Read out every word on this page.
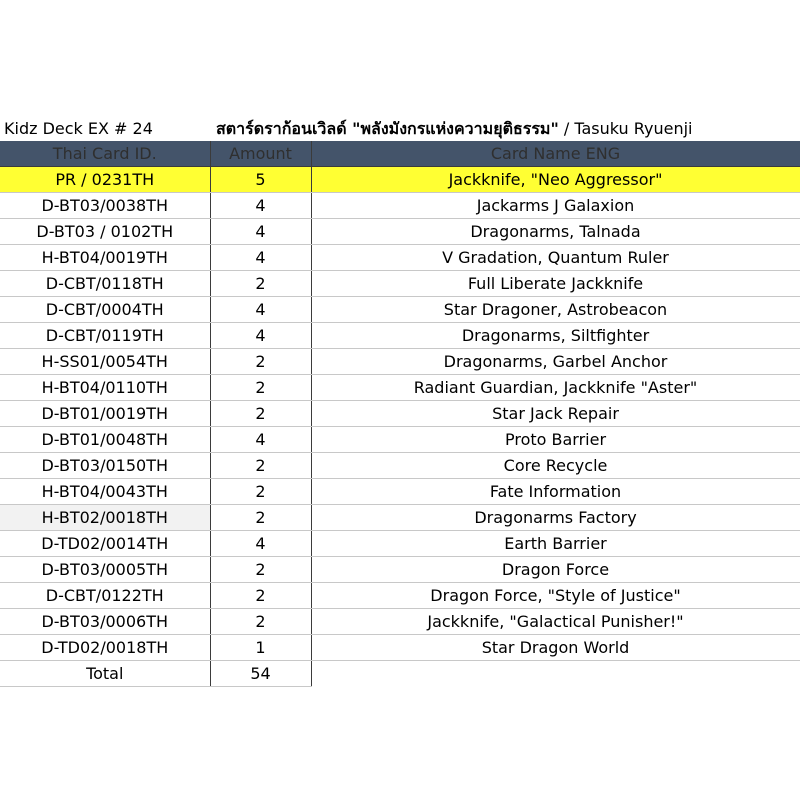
Kidz Deck EX # 24	สตาร์ดราก้อนเวิลด์ "พลังมังกรแห่งความยุติธรรม" / Tasuku Ryuenji
Thai Card ID.	Amount	Card Name ENG
PR / 0231TH	5	Jackknife, "Neo Aggressor"
D-BT03/0038TH	4	Jackarms J Galaxion
D-BT03 / 0102TH	4	Dragonarms, Talnada
H-BT04/0019TH	4	V Gradation, Quantum Ruler
D-CBT/0118TH	2	Full Liberate Jackknife
D-CBT/0004TH	4	Star Dragoner, Astrobeacon
D-CBT/0119TH	4	Dragonarms, Siltfighter
H-SS01/0054TH	2	Dragonarms, Garbel Anchor
H-BT04/0110TH	2	Radiant Guardian, Jackknife "Aster"
D-BT01/0019TH	2	Star Jack Repair
D-BT01/0048TH	4	Proto Barrier
D-BT03/0150TH	2	Core Recycle
H-BT04/0043TH	2	Fate Information
H-BT02/0018TH	2	Dragonarms Factory
D-TD02/0014TH	4	Earth Barrier
D-BT03/0005TH	2	Dragon Force
D-CBT/0122TH	2	Dragon Force, "Style of Justice"
D-BT03/0006TH	2	Jackknife, "Galactical Punisher!"
D-TD02/0018TH	1	Star Dragon World
Total	54	
